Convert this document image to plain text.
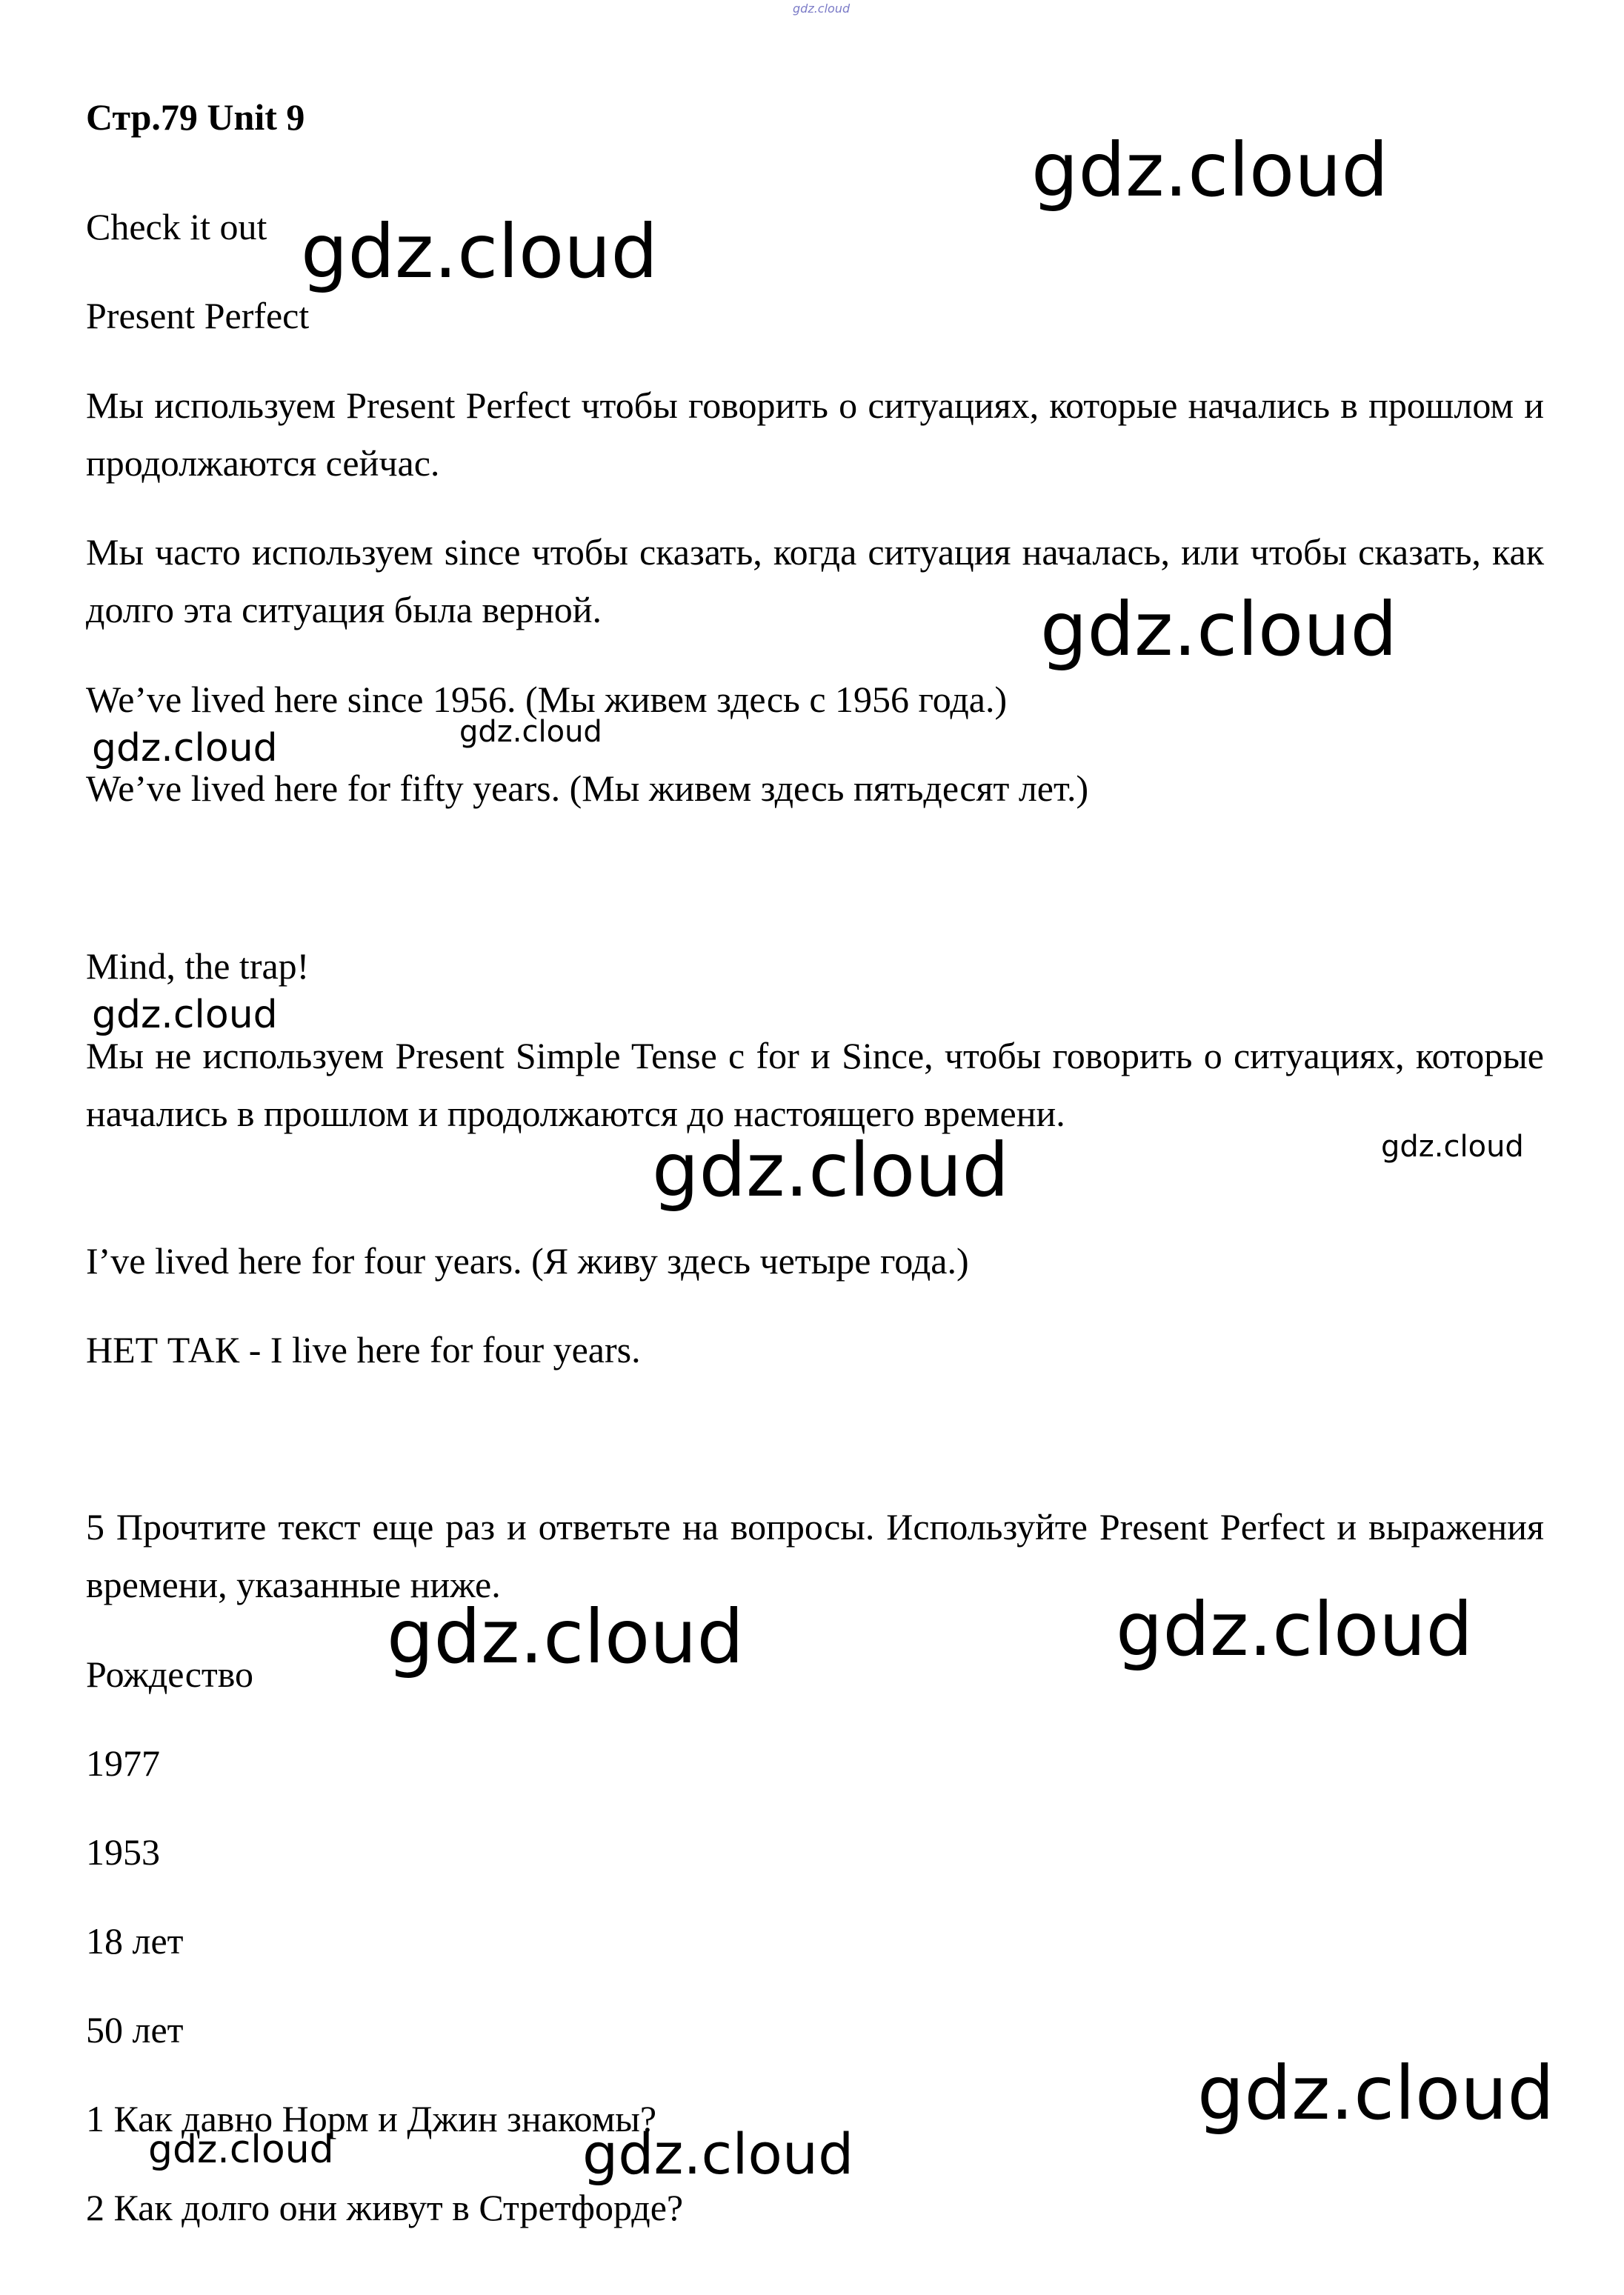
gdz.cloud
Стр.79 Unit 9
Check it out
Present Perfect
Мы используем Present Perfect чтобы говорить о ситуациях, которые начались в прошлом и продолжаются сейчас.
Мы часто используем since чтобы сказать, когда ситуация началась, или чтобы сказать, как долго эта ситуация была верной.
We’ve lived here since 1956. (Мы живем здесь с 1956 года.)
We’ve lived here for fifty years. (Мы живем здесь пятьдесят лет.)
Mind, the trap!
Мы не используем Present Simple Tense с for и Since, чтобы говорить о ситуациях, которые начались в прошлом и продолжаются до настоящего времени.
I’ve lived here for four years. (Я живу здесь четыре года.)
НЕТ ТАК - I live here for four years.
5 Прочтите текст еще раз и ответьте на вопросы. Используйте Present Perfect и выражения времени, указанные ниже.
Рождество
1977
1953
18 лет
50 лет
1 Как давно Норм и Джин знакомы?
2 Как долго они живут в Стретфорде?
gdz.cloud
gdz.cloud
gdz.cloud
gdz.cloud	gdz.cloud
gdz.cloud
gdz.cloud	gdz.cloud
gdz.cloud	gdz.cloud
gdz.cloud
gdz.cloud	gdz.cloud
